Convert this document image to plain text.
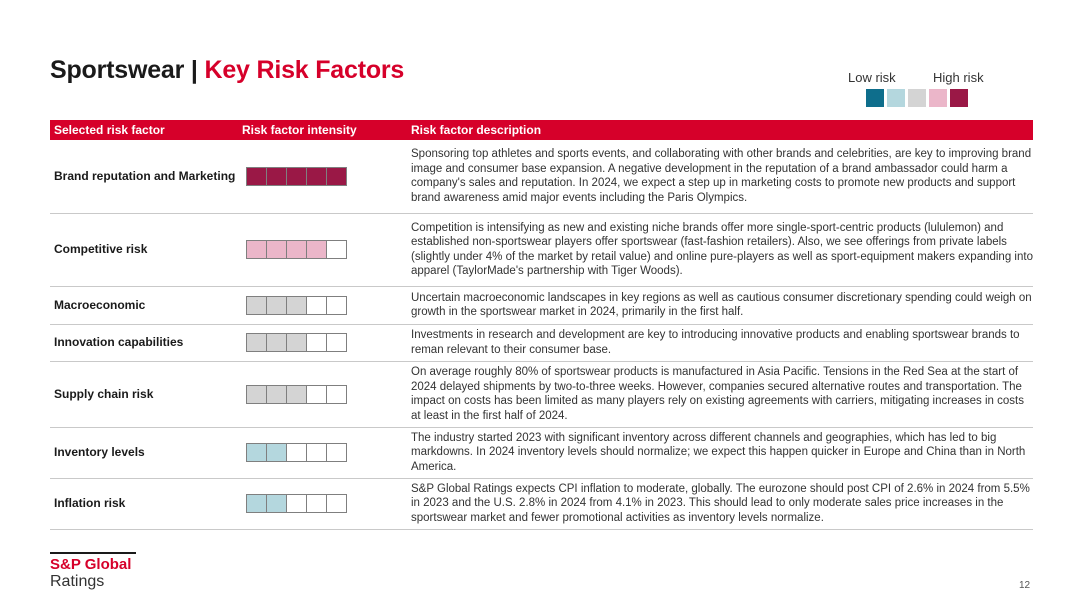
Sportswear | Key Risk Factors	Low risk	High risk
Selected risk factor	Risk factor intensity	Risk factor description
Brand reputation and Marketing		Sponsoring top athletes and sports events, and collaborating with other brands and celebrities, are key to improving brand image and consumer base expansion. A negative development in the reputation of a brand ambassador could harm a company's sales and reputation. In 2024, we expect a step up in marketing costs to promote new products and support brand awareness amid major events including the Paris Olympics.
Competitive risk		Competition is intensifying as new and existing niche brands offer more single-sport-centric products (lululemon) and established non-sportswear players offer sportswear (fast-fashion retailers). Also, we see offerings from private labels (slightly under 4% of the market by retail value) and online pure-players as well as sport-equipment makers expanding into apparel (TaylorMade's partnership with Tiger Woods).
Macroeconomic		Uncertain macroeconomic landscapes in key regions as well as cautious consumer discretionary spending could weigh on growth in the sportswear market in 2024, primarily in the first half.
Innovation capabilities		Investments in research and development are key to introducing innovative products and enabling sportswear brands to reman relevant to their consumer base.
Supply chain risk		On average roughly 80% of sportswear products is manufactured in Asia Pacific. Tensions in the Red Sea at the start of 2024 delayed shipments by two-to-three weeks. However, companies secured alternative routes and transportation. The impact on costs has been limited as many players rely on existing agreements with carriers, mitigating increases in costs at least in the first half of 2024.
Inventory levels		The industry started 2023 with significant inventory across different channels and geographies, which has led to big markdowns. In 2024 inventory levels should normalize; we expect this happen quicker in Europe and China than in North America.
Inflation risk		S&P Global Ratings expects CPI inflation to moderate, globally. The eurozone should post CPI of 2.6% in 2024 from 5.5% in 2023 and the U.S. 2.8% in 2024 from 4.1% in 2023. This should lead to only moderate sales price increases in the sportswear market and fewer promotional activities as inventory levels normalize.
S&P Global
Ratings	12
